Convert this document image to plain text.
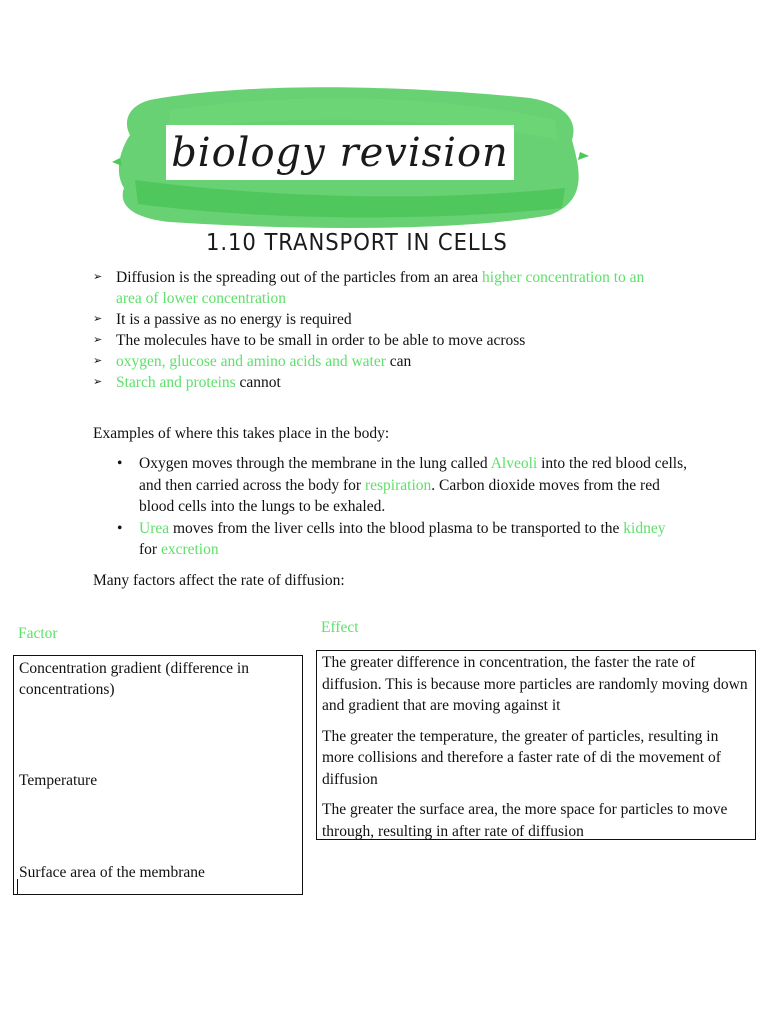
biology revision
1.10 TRANSPORT IN CELLS
➢ Diffusion is the spreading out of the particles from an area higher concentration to an area of lower concentration
➢ It is a passive as no energy is required
➢ The molecules have to be small in order to be able to move across
➢ oxygen, glucose and amino acids and water can
➢ Starch and proteins cannot
Examples of where this takes place in the body:
• Oxygen moves through the membrane in the lung called Alveoli into the red blood cells, and then carried across the body for respiration. Carbon dioxide moves from the red blood cells into the lungs to be exhaled.
• Urea moves from the liver cells into the blood plasma to be transported to the kidney for excretion
Many factors affect the rate of diffusion:
Factor	Effect
Concentration gradient (difference in concentrations)
Temperature
Surface area of the membrane
The greater difference in concentration, the faster the rate of diffusion. This is because more particles are randomly moving down and gradient that are moving against it
The greater the temperature, the greater of particles, resulting in more collisions and therefore a faster rate of di the movement of diffusion
The greater the surface area, the more space for particles to move through, resulting in after rate of diffusion
